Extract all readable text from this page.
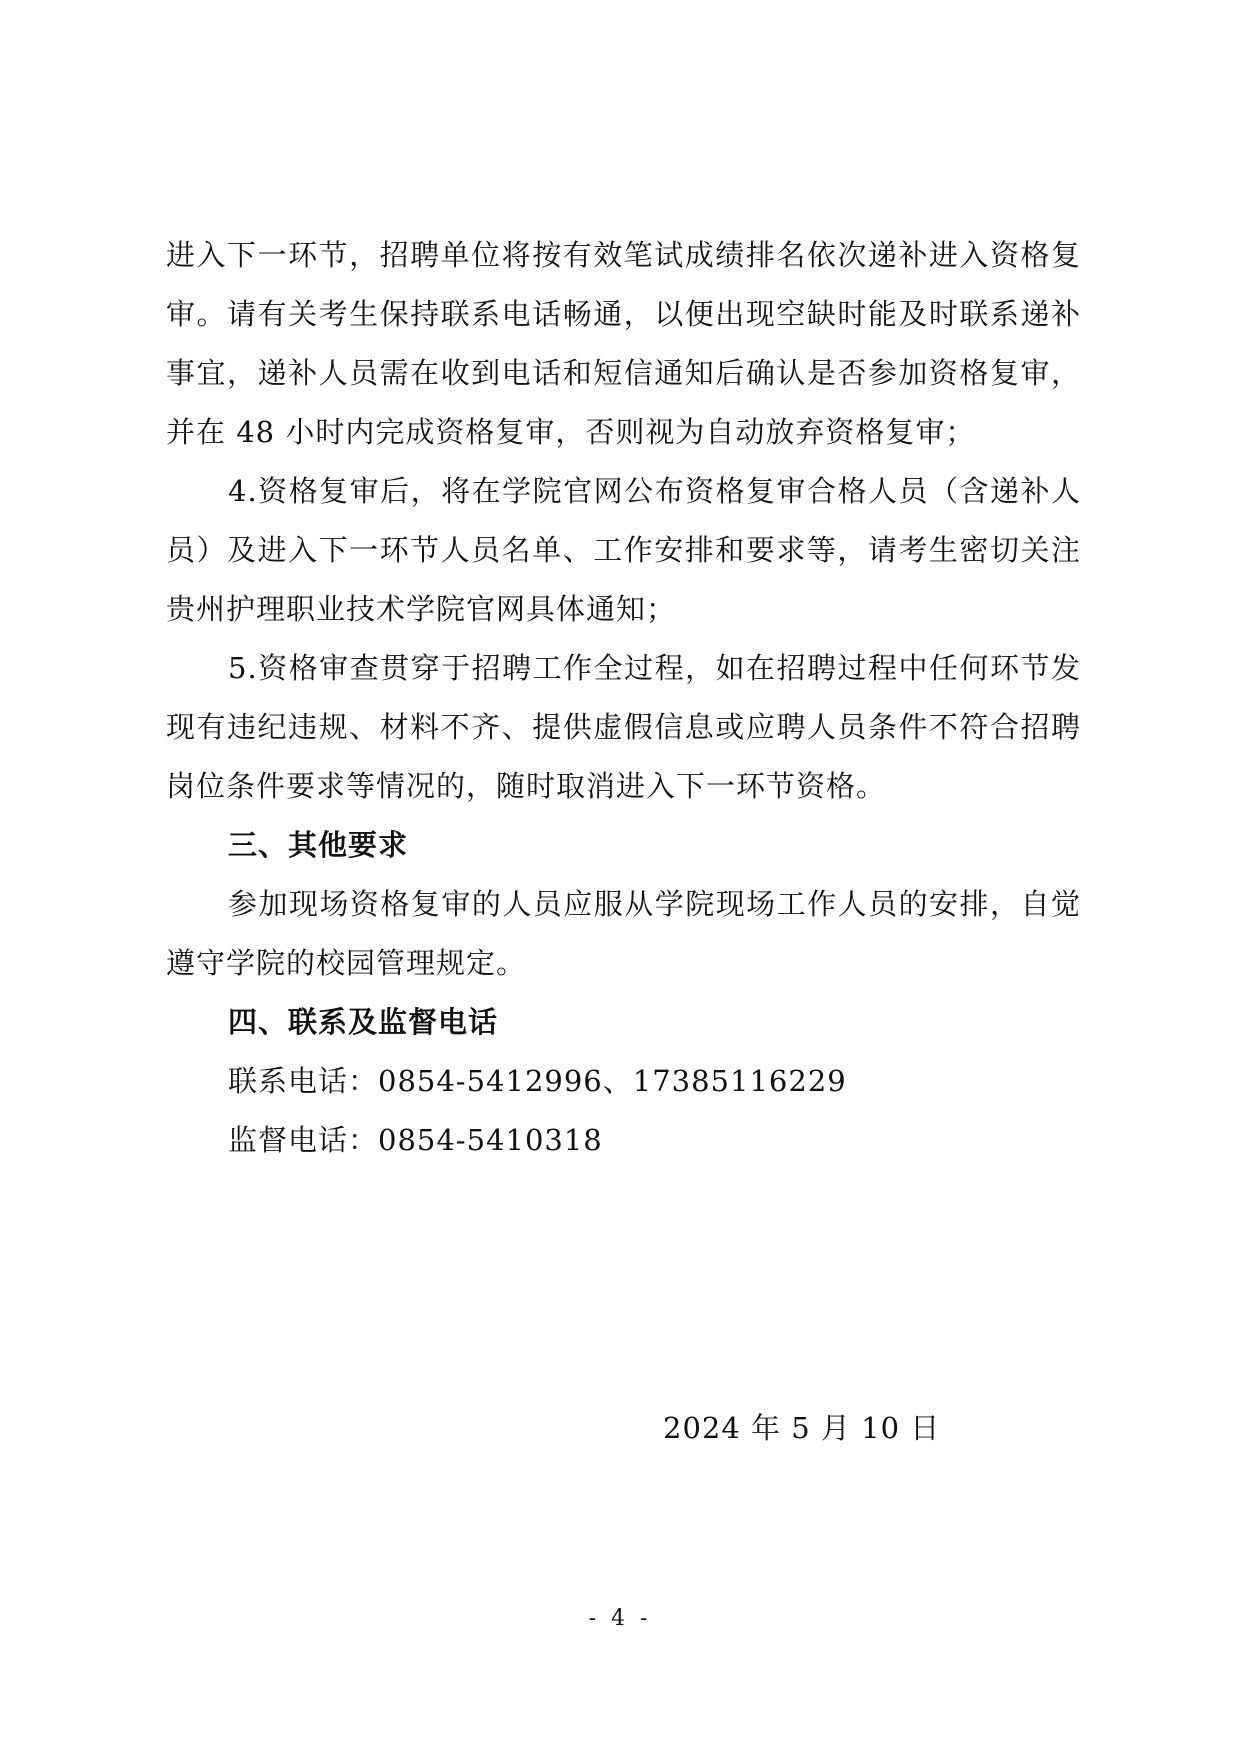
进入下一环节，招聘单位将按有效笔试成绩排名依次递补进入资格复审。请有关考生保持联系电话畅通，以便出现空缺时能及时联系递补事宜，递补人员需在收到电话和短信通知后确认是否参加资格复审，并在 48 小时内完成资格复审，否则视为自动放弃资格复审；

4.资格复审后，将在学院官网公布资格复审合格人员（含递补人员）及进入下一环节人员名单、工作安排和要求等，请考生密切关注贵州护理职业技术学院官网具体通知；

5.资格审查贯穿于招聘工作全过程，如在招聘过程中任何环节发现有违纪违规、材料不齐、提供虚假信息或应聘人员条件不符合招聘岗位条件要求等情况的，随时取消进入下一环节资格。

三、其他要求

参加现场资格复审的人员应服从学院现场工作人员的安排，自觉遵守学院的校园管理规定。

四、联系及监督电话

联系电话：0854-5412996、17385116229

监督电话：0854-5410318

2024 年 5 月 10 日
- 4 -
